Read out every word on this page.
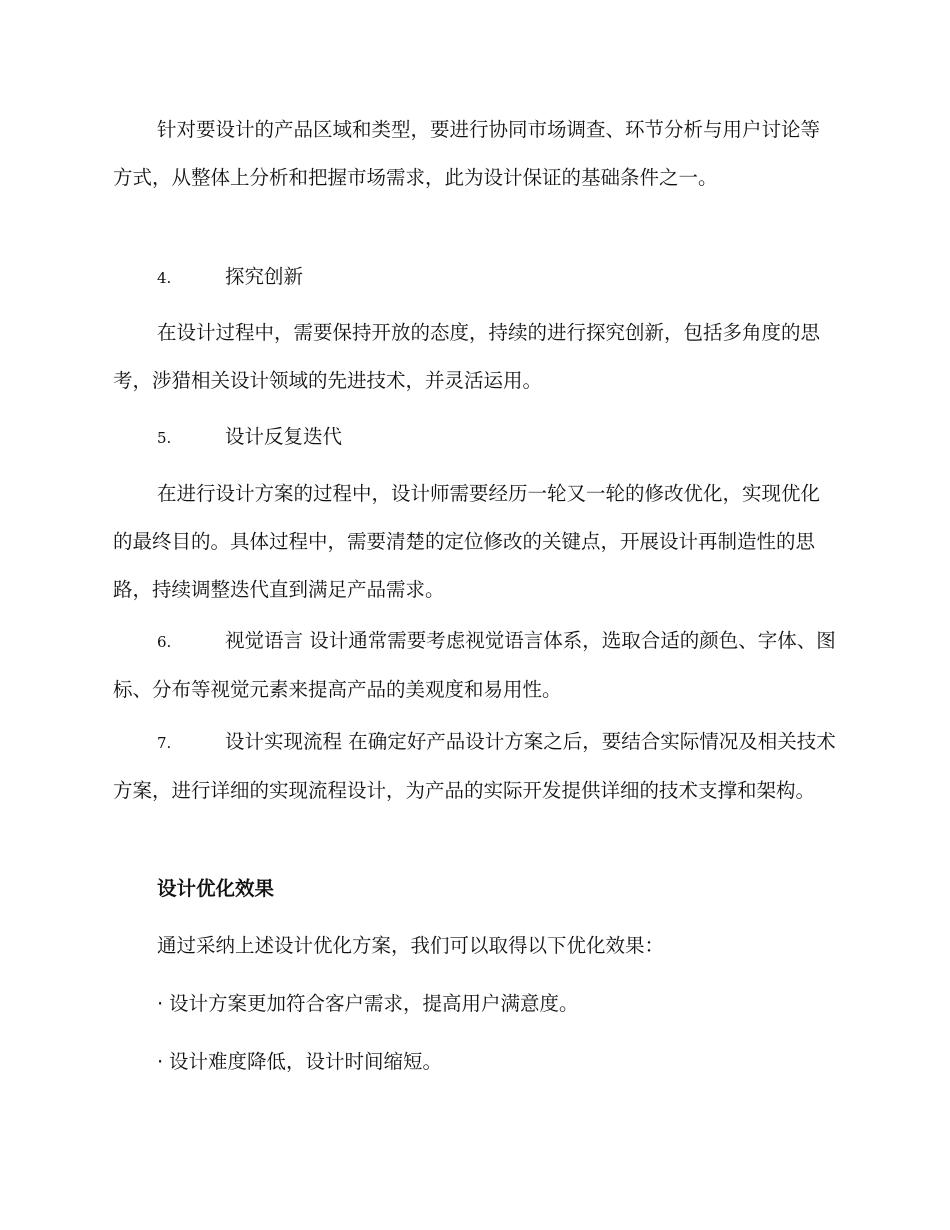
针对要设计的产品区域和类型，要进行协同市场调查、环节分析与用户讨论等方式，从整体上分析和把握市场需求，此为设计保证的基础条件之一。

4.	探究创新

在设计过程中，需要保持开放的态度，持续的进行探究创新，包括多角度的思考，涉猎相关设计领域的先进技术，并灵活运用。

5.	设计反复迭代

在进行设计方案的过程中，设计师需要经历一轮又一轮的修改优化，实现优化的最终目的。具体过程中，需要清楚的定位修改的关键点，开展设计再制造性的思路，持续调整迭代直到满足产品需求。

6.	视觉语言 设计通常需要考虑视觉语言体系，选取合适的颜色、字体、图标、分布等视觉元素来提高产品的美观度和易用性。

7.	设计实现流程 在确定好产品设计方案之后，要结合实际情况及相关技术方案，进行详细的实现流程设计，为产品的实际开发提供详细的技术支撑和架构。

设计优化效果

通过采纳上述设计优化方案，我们可以取得以下优化效果：

· 设计方案更加符合客户需求，提高用户满意度。

· 设计难度降低，设计时间缩短。
